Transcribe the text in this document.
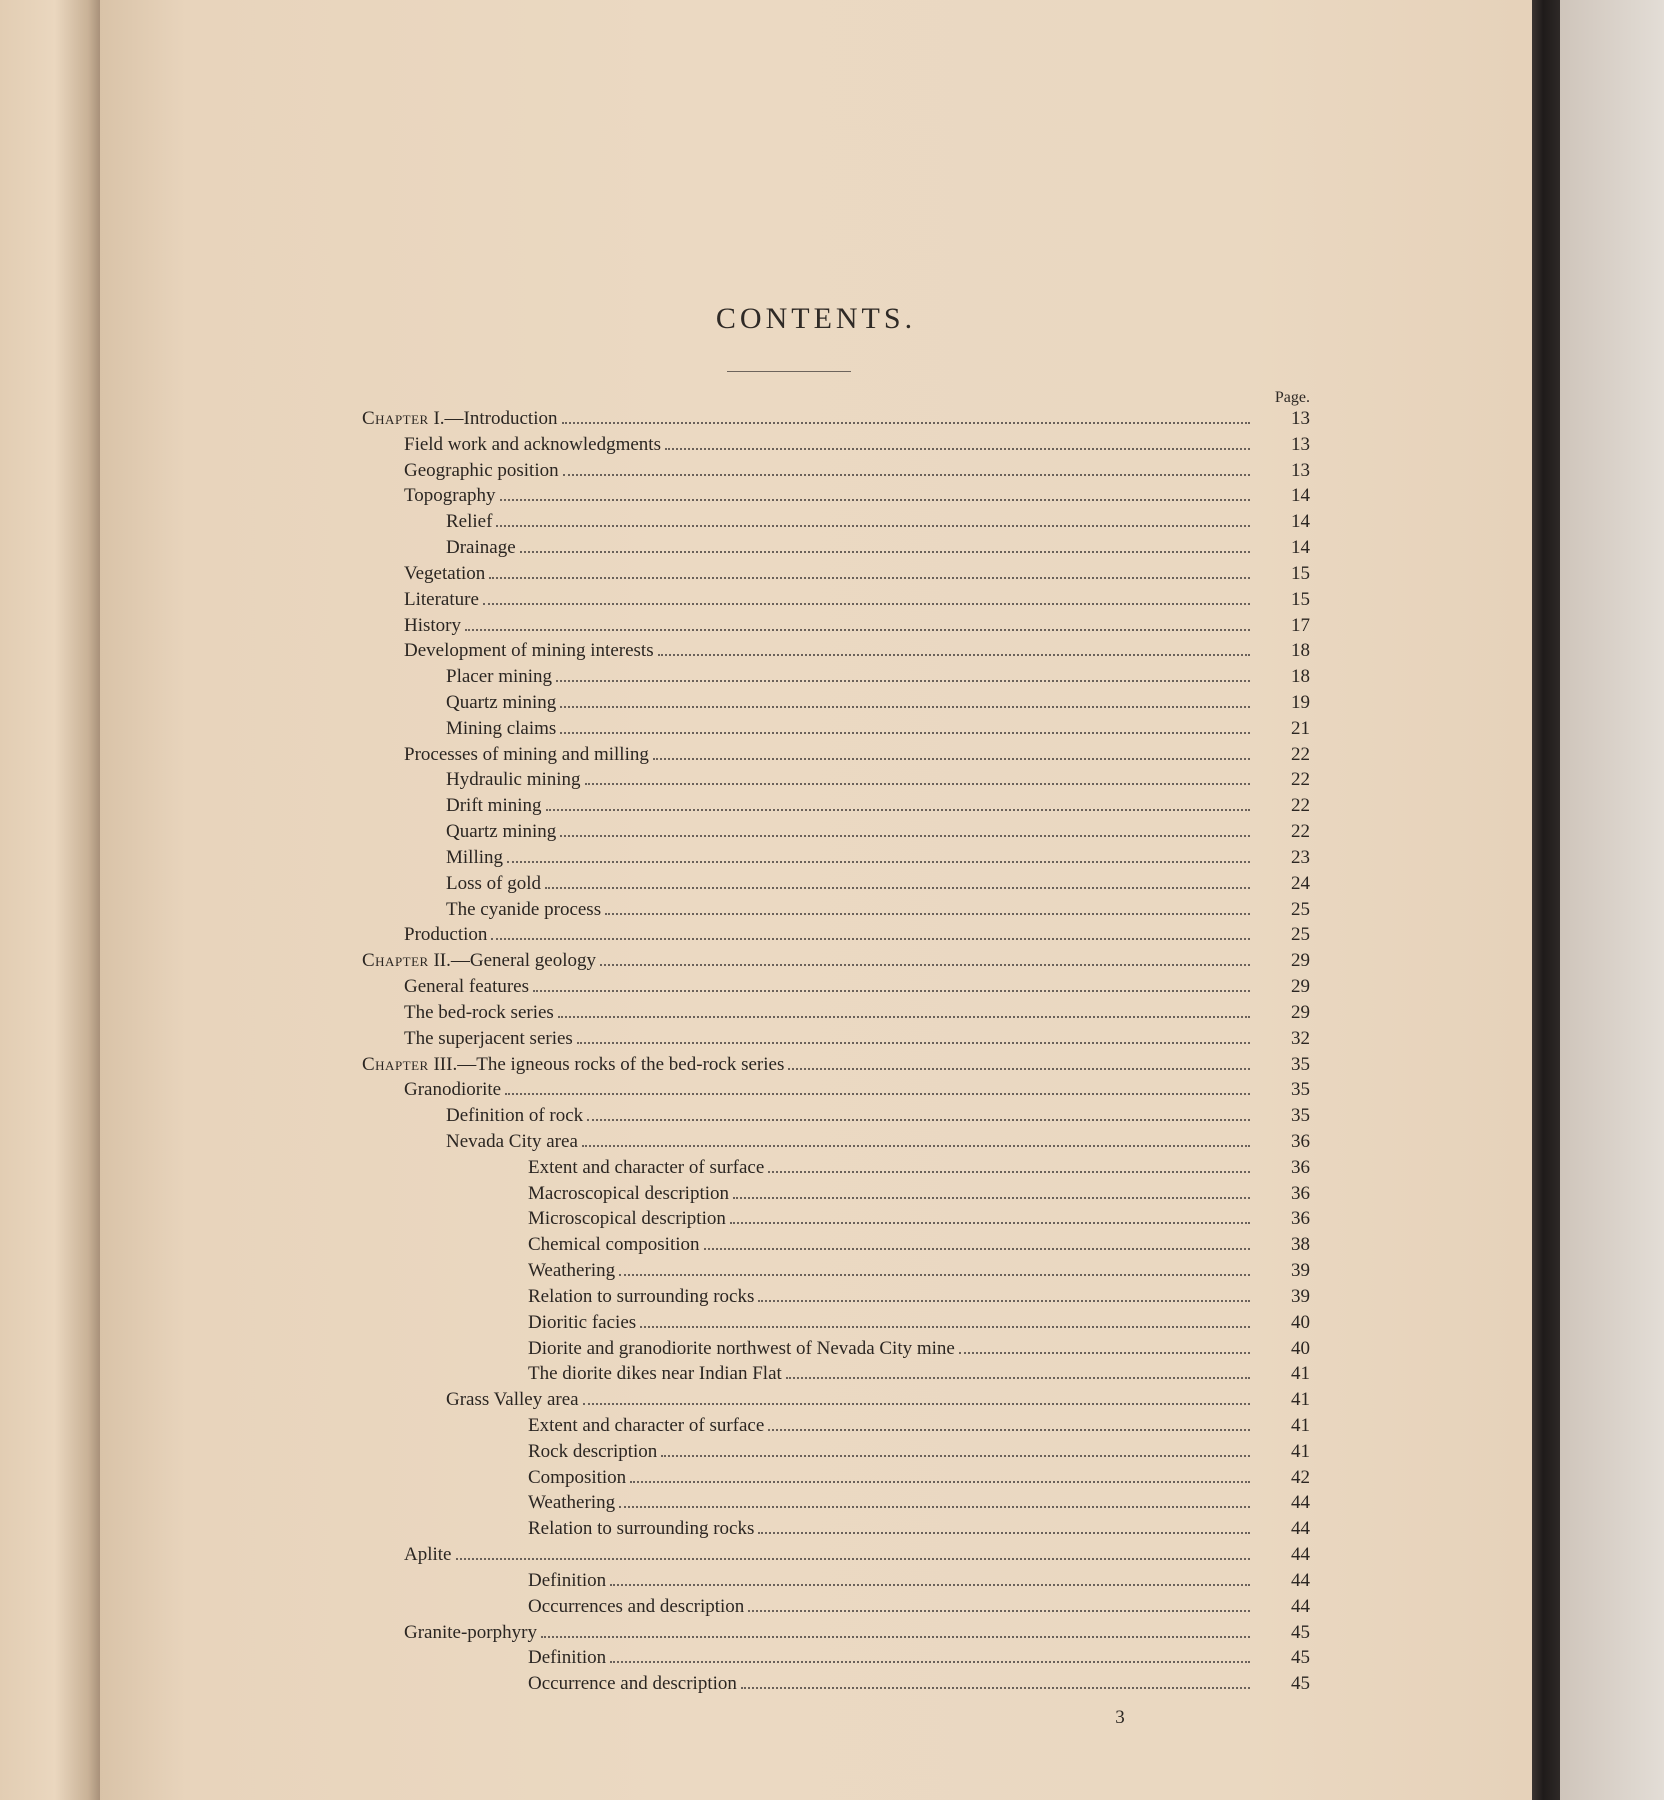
CONTENTS.
Page.
Chapter I.—Introduction	13
Field work and acknowledgments	13
Geographic position	13
Topography	14
Relief	14
Drainage	14
Vegetation	15
Literature	15
History	17
Development of mining interests	18
Placer mining	18
Quartz mining	19
Mining claims	21
Processes of mining and milling	22
Hydraulic mining	22
Drift mining	22
Quartz mining	22
Milling	23
Loss of gold	24
The cyanide process	25
Production	25
Chapter II.—General geology	29
General features	29
The bed-rock series	29
The superjacent series	32
Chapter III.—The igneous rocks of the bed-rock series	35
Granodiorite	35
Definition of rock	35
Nevada City area	36
Extent and character of surface	36
Macroscopical description	36
Microscopical description	36
Chemical composition	38
Weathering	39
Relation to surrounding rocks	39
Dioritic facies	40
Diorite and granodiorite northwest of Nevada City mine	40
The diorite dikes near Indian Flat	41
Grass Valley area	41
Extent and character of surface	41
Rock description	41
Composition	42
Weathering	44
Relation to surrounding rocks	44
Aplite	44
Definition	44
Occurrences and description	44
Granite-porphyry	45
Definition	45
Occurrence and description	45
3
